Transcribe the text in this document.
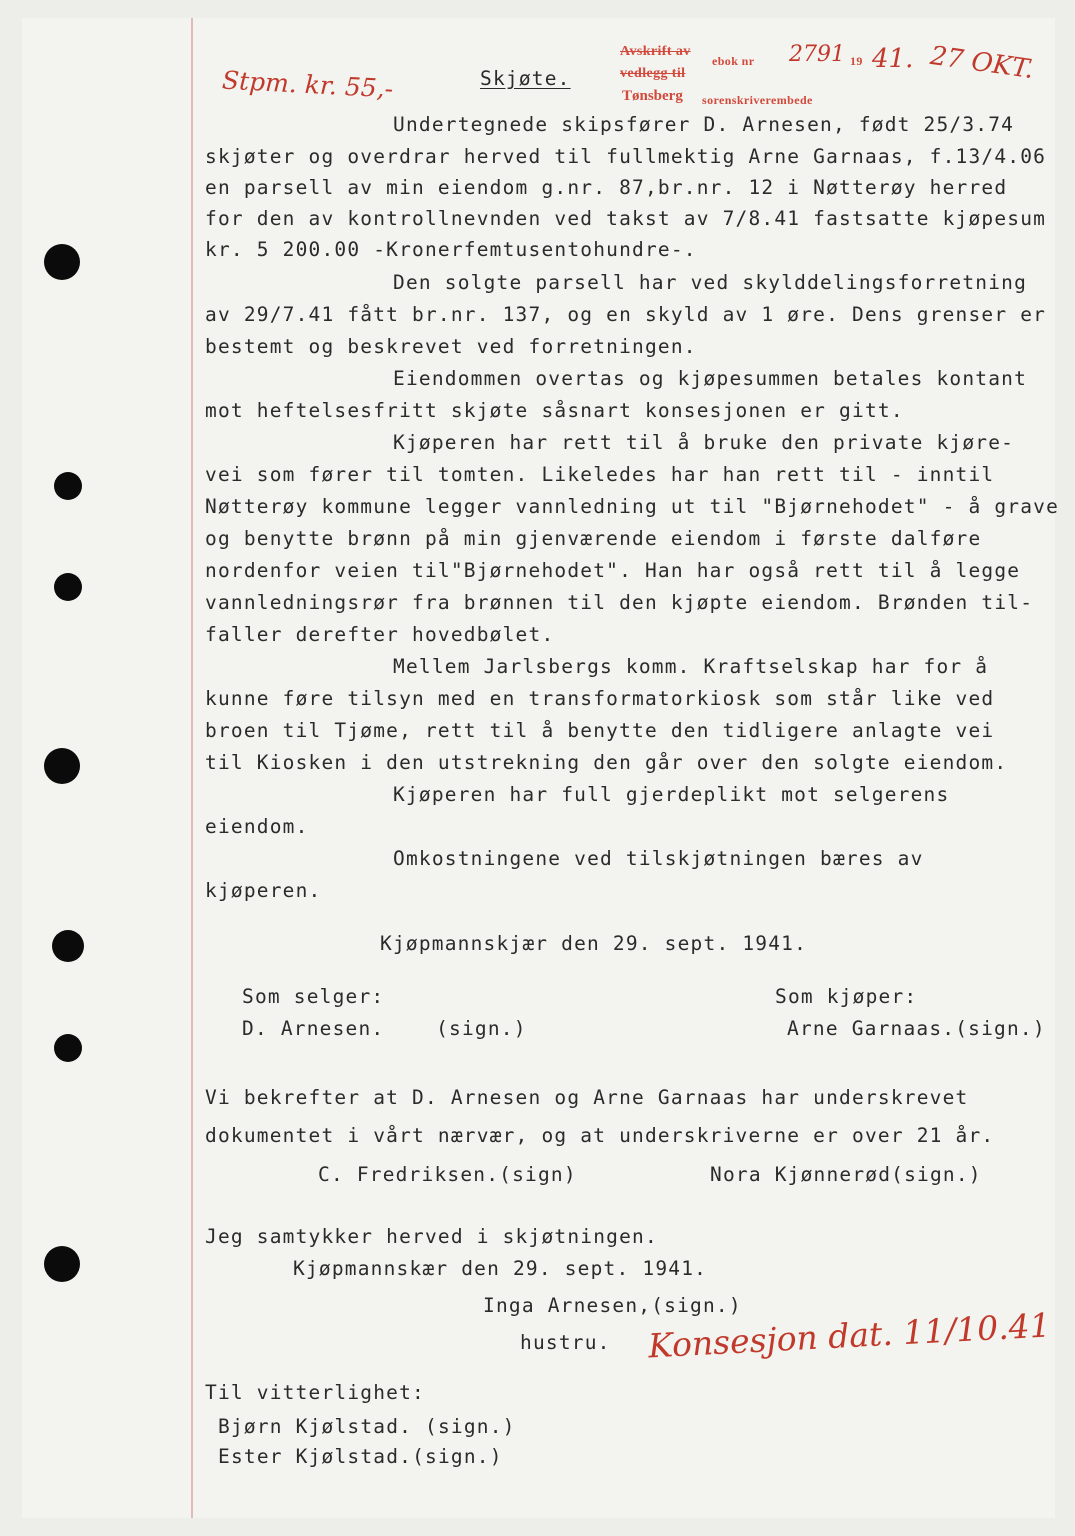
Avskrift av
ebok nr 2791 19 41.
vedlegg til
Tønsberg sorenskriverembede
27 OKT.
Stpm. kr. 55,-	Skjøte.
Undertegnede skipsfører D. Arnesen, født 25/3.74
skjøter og overdrar herved til fullmektig Arne Garnaas, f.13/4.06
en parsell av min eiendom g.nr. 87,br.nr. 12 i Nøtterøy herred
for den av kontrollnevnden ved takst av 7/8.41 fastsatte kjøpesum
kr. 5 200.00 -Kronerfemtusentohundre-.
Den solgte parsell har ved skylddelingsforretning
av 29/7.41 fått br.nr. 137, og en skyld av 1 øre. Dens grenser er
bestemt og beskrevet ved forretningen.
Eiendommen overtas og kjøpesummen betales kontant
mot heftelsesfritt skjøte såsnart konsesjonen er gitt.
Kjøperen har rett til å bruke den private kjøre-
vei som fører til tomten. Likeledes har han rett til - inntil
Nøtterøy kommune legger vannledning ut til "Bjørnehodet" - å grave
og benytte brønn på min gjenværende eiendom i første dalføre
nordenfor veien til"Bjørnehodet". Han har også rett til å legge
vannledningsrør fra brønnen til den kjøpte eiendom. Brønden til-
faller derefter hovedbølet.
Mellem Jarlsbergs komm. Kraftselskap har for å
kunne føre tilsyn med en transformatorkiosk som står like ved
broen til Tjøme, rett til å benytte den tidligere anlagte vei
til Kiosken i den utstrekning den går over den solgte eiendom.
Kjøperen har full gjerdeplikt mot selgerens
eiendom.
Omkostningene ved tilskjøtningen bæres av
kjøperen.
Kjøpmannskjær den 29. sept. 1941.
Som selger:
D. Arnesen.    (sign.)
Som kjøper:
Arne Garnaas.(sign.)
Vi bekrefter at D. Arnesen og Arne Garnaas har underskrevet
dokumentet i vårt nærvær, og at underskriverne er over 21 år.
C. Fredriksen.(sign)	Nora Kjønnerød(sign.)
Jeg samtykker herved i skjøtningen.
Kjøpmannskær den 29. sept. 1941.
Inga Arnesen,(sign.)
hustru. Konsesjon dat. 11/10.41
Til vitterlighet:
Bjørn Kjølstad. (sign.)
Ester Kjølstad.(sign.)
